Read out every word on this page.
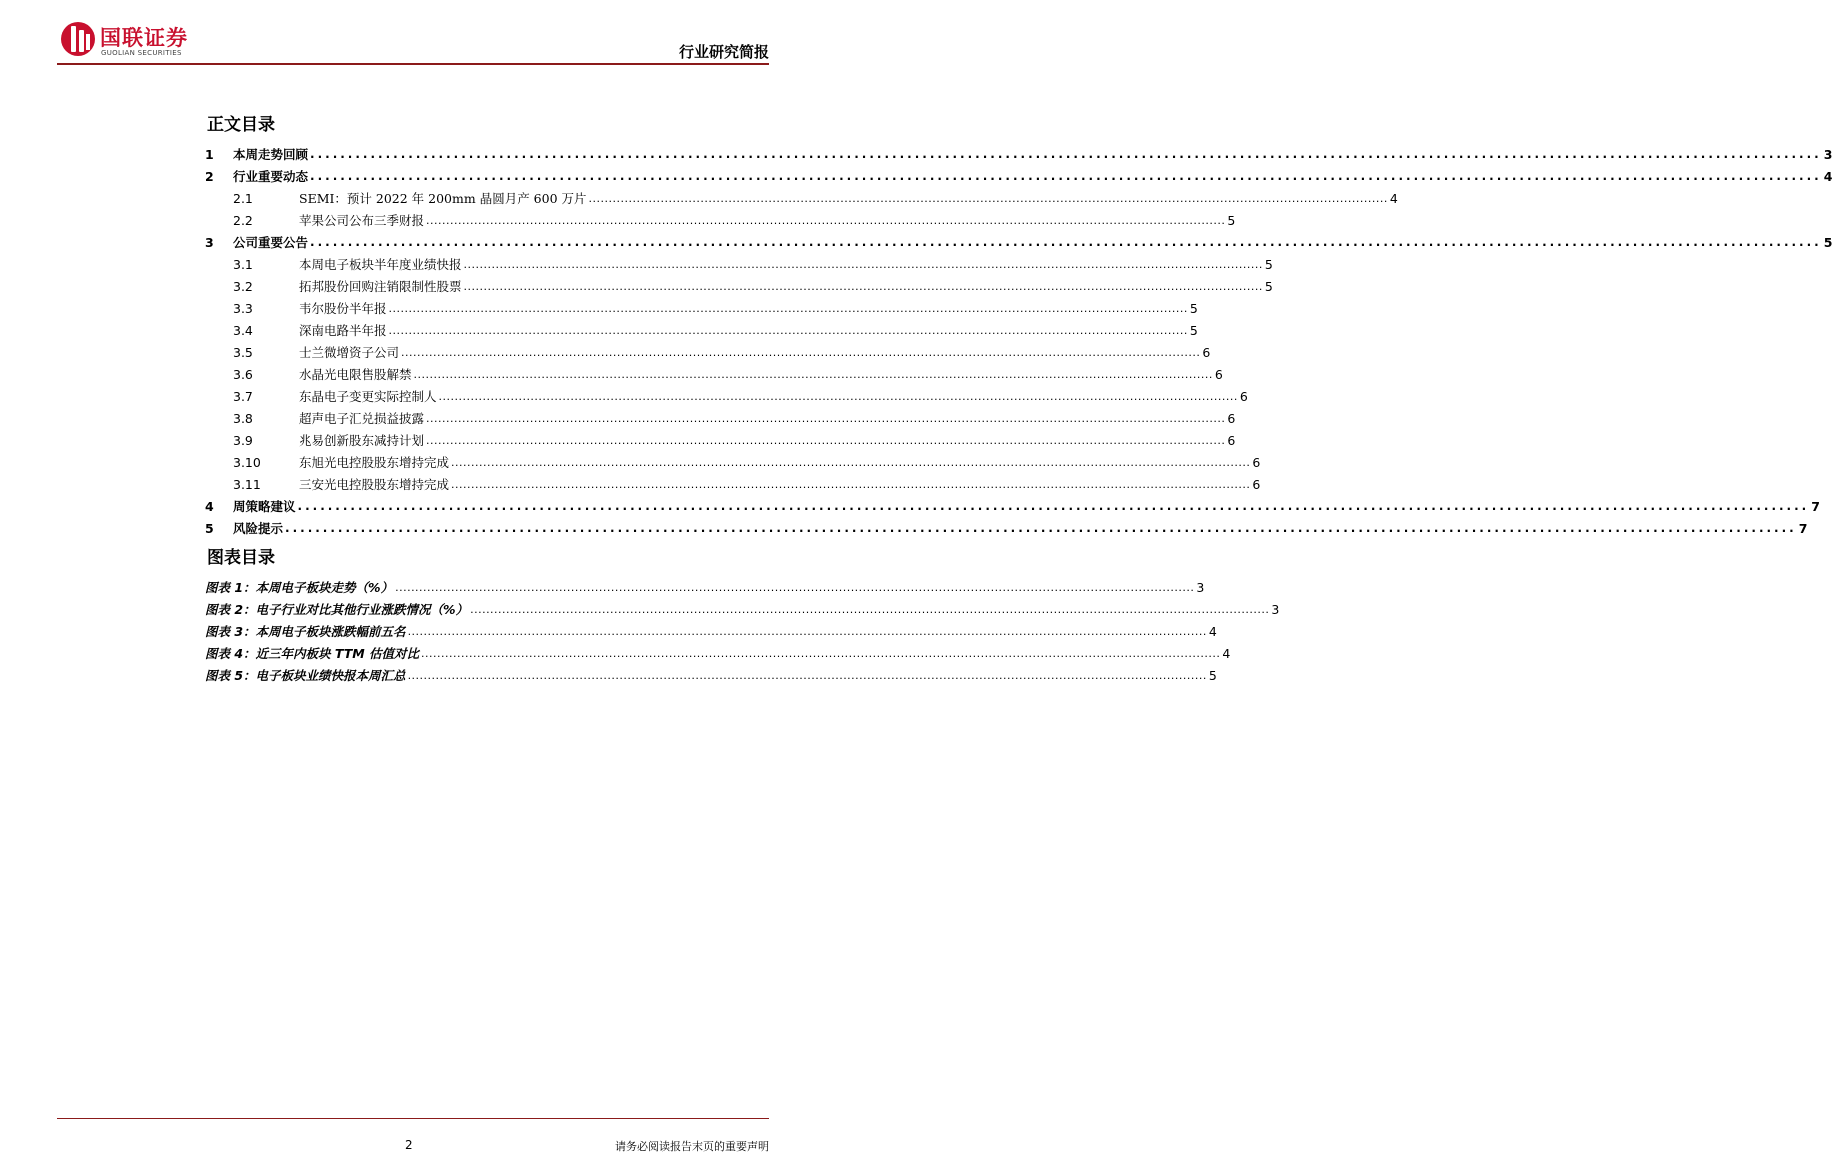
国联证券
GUOLIAN SECURITIES	行业研究简报
正文目录
1	本周走势回顾 ........................................................................................................................................................................................................ 3
2	行业重要动态 ........................................................................................................................................................................................................ 4
2.1	SEMI：预计 2022 年 200mm 晶圆月产 600 万片 ........................................................................................................................................................................................................ 4
2.2	苹果公司公布三季财报 ........................................................................................................................................................................................................ 5
3	公司重要公告 ........................................................................................................................................................................................................ 5
3.1	本周电子板块半年度业绩快报 ........................................................................................................................................................................................................ 5
3.2	拓邦股份回购注销限制性股票 ........................................................................................................................................................................................................ 5
3.3	韦尔股份半年报 ........................................................................................................................................................................................................ 5
3.4	深南电路半年报 ........................................................................................................................................................................................................ 5
3.5	士兰微增资子公司 ........................................................................................................................................................................................................ 6
3.6	水晶光电限售股解禁 ........................................................................................................................................................................................................ 6
3.7	东晶电子变更实际控制人 ........................................................................................................................................................................................................ 6
3.8	超声电子汇兑损益披露 ........................................................................................................................................................................................................ 6
3.9	兆易创新股东减持计划 ........................................................................................................................................................................................................ 6
3.10	东旭光电控股股东增持完成 ........................................................................................................................................................................................................ 6
3.11	三安光电控股股东增持完成 ........................................................................................................................................................................................................ 6
4	周策略建议 ........................................................................................................................................................................................................ 7
5	风险提示 ........................................................................................................................................................................................................ 7
图表目录
图表 1：本周电子板块走势（%） ........................................................................................................................................................................................................ 3
图表 2：电子行业对比其他行业涨跌情况（%） ........................................................................................................................................................................................................ 3
图表 3：本周电子板块涨跌幅前五名 ........................................................................................................................................................................................................ 4
图表 4：近三年内板块 TTM 估值对比 ........................................................................................................................................................................................................ 4
图表 5：电子板块业绩快报本周汇总 ........................................................................................................................................................................................................ 5
2	请务必阅读报告末页的重要声明
